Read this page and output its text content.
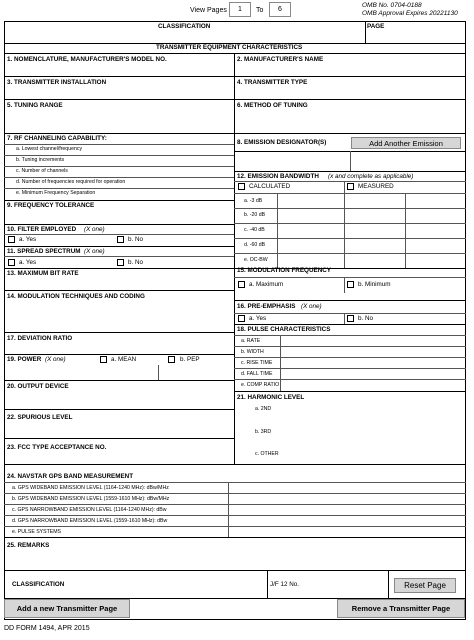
View Pages	1	To	6
OMB No. 0704-0188
OMB Approval Expires 20221130
CLASSIFICATION	PAGE
TRANSMITTER EQUIPMENT CHARACTERISTICS
1. NOMENCLATURE, MANUFACTURER'S MODEL NO.	2. MANUFACTURER'S NAME
3. TRANSMITTER INSTALLATION	4. TRANSMITTER TYPE
5. TUNING RANGE	6. METHOD OF TUNING
7. RF CHANNELING CAPABILITY:
a. Lowest channel/frequency
b. Tuning increments
c. Number of channels
d. Number of frequencies required for operation
e. Minimum Frequency Separation
8. EMISSION DESIGNATOR(S)	Add Another Emission
12. EMISSION BANDWIDTH (x and complete as applicable)
CALCULATED	MEASURED
a. -3 dB
b. -20 dB
c. -40 dB
d. -60 dB
e. OC-BW
9. FREQUENCY TOLERANCE
10. FILTER EMPLOYED (X one)
a. Yes	b. No
11. SPREAD SPECTRUM (X one)
a. Yes	b. No
13. MAXIMUM BIT RATE	15. MODULATION FREQUENCY
a. Maximum	b. Minimum
14. MODULATION TECHNIQUES AND CODING
16. PRE-EMPHASIS (X one)
a. Yes	b. No
18. PULSE CHARACTERISTICS
a. RATE
b. WIDTH
c. RISE TIME
d. FALL TIME
e. COMP RATIO
17. DEVIATION RATIO
19. POWER (X one)	a. MEAN	b. PEP
20. OUTPUT DEVICE
21. HARMONIC LEVEL
a. 2ND
b. 3RD
c. OTHER
22. SPURIOUS LEVEL
23. FCC TYPE ACCEPTANCE NO.
24. NAVSTAR GPS BAND MEASUREMENT
a. GPS WIDEBAND EMISSION LEVEL (1164-1240 MHz): dBw/MHz
b. GPS WIDEBAND EMISSION LEVEL (1559-1610 MHz): dBw/MHz
c. GPS NARROWBAND EMISSION LEVEL (1164-1240 MHz): dBw
d. GPS NARROWBAND EMISSION LEVEL (1559-1610 MHz): dBw
e. PULSE SYSTEMS
25. REMARKS
CLASSIFICATION	J/F 12 No.	Reset Page
Add a new Transmitter Page	Remove a Transmitter Page
DD FORM 1494, APR 2015
